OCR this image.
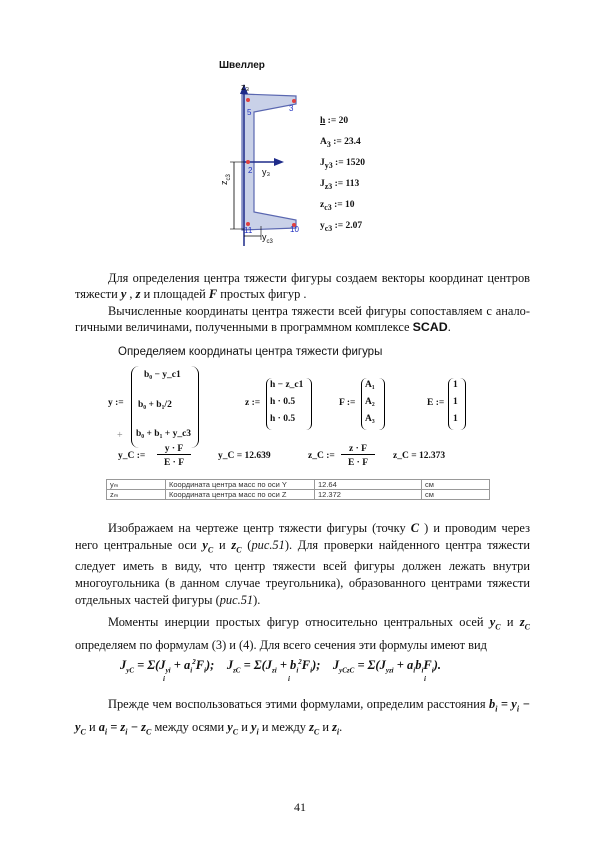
Швеллер
z₃
y₃
$z_{c3}$
$y_{c3}$
5	3
2
11	10
h := 20
$A_3$ := 23.4
$J_{y3}$ := 1520
$J_{z3}$ := 113
$z_{c3}$ := 10
$y_{c3}$ := 2.07

Для определения центра тяжести фигуры создаем векторы координат центров тяжести y , z и площадей F простых фигур .

Вычисленные координаты центра тяжести всей фигуры сопоставляем с анало-гичными величинами, полученными в программном комплексе SCAD.

Определяем координаты центра тяжести фигуры
y :=
b₀ − y_c1
b₀ + b₁/2
b₀ + b₁ + y_c3
z :=
h − z_c1
h · 0.5
h · 0.5
F :=
A₁
A₂
A₃
E :=
1
1
1
+
y_C :=
y · F
E · F
y_C = 12.639	z_C :=
z · F
E · F
z_C = 12.373
yₘ	Координата центра масс по оси Y	12.64	см
zₘ	Координата центра масс по оси Z	12.372	см

Изображаем на чертеже центр тяжести фигуры (точку C ) и проводим через него центральные оси $y_C$ и $z_C$ (рис.51). Для проверки найденного центра тяжести следует иметь в виду, что центр тяжести всей фигуры должен лежать внутри многоугольника (в данном случае треугольника), образованного центрами тяжести отдельных частей фигуры (рис.51).

Моменты инерции простых фигур относительно центральных осей $y_C$ и $z_C$ определяем по формулам (3) и (4). Для всего сечения эти формулы имеют вид

$J_{yC} = \Sigma(J_{yi} + a_i^2F_i)$; $J_{zC} = \Sigma(J_{zi} + b_i^2F_i)$; $J_{yCzC} = \Sigma(J_{yzi} + a_ib_iF_i)$.
i	i	i

Прежде чем воспользоваться этими формулами, определим расстояния $b_i = y_i - y_C$ и $a_i = z_i - z_C$ между осями $y_C$ и $y_i$ и между $z_C$ и $z_i$.

41
